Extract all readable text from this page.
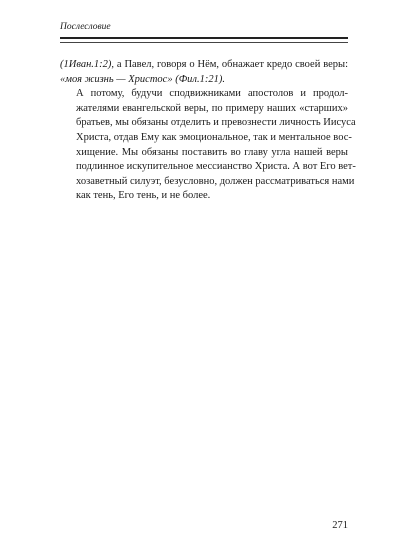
Послесловие

(1Иван.1:2), а Павел, говоря о Нём, обнажает кредо своей веры:
«моя жизнь — Христос» (Фил.1:21).

А потому, будучи сподвижниками апостолов и продол-
жателями евангельской веры, по примеру наших «старших»
братьев, мы обязаны отделить и превознести личность Иисуса
Христа, отдав Ему как эмоциональное, так и ментальное вос-
хищение. Мы обязаны поставить во главу угла нашей веры
подлинное искупительное мессианство Христа. А вот Его вет-
хозаветный силуэт, безусловно, должен рассматриваться нами
как тень, Его тень, и не более.

271
